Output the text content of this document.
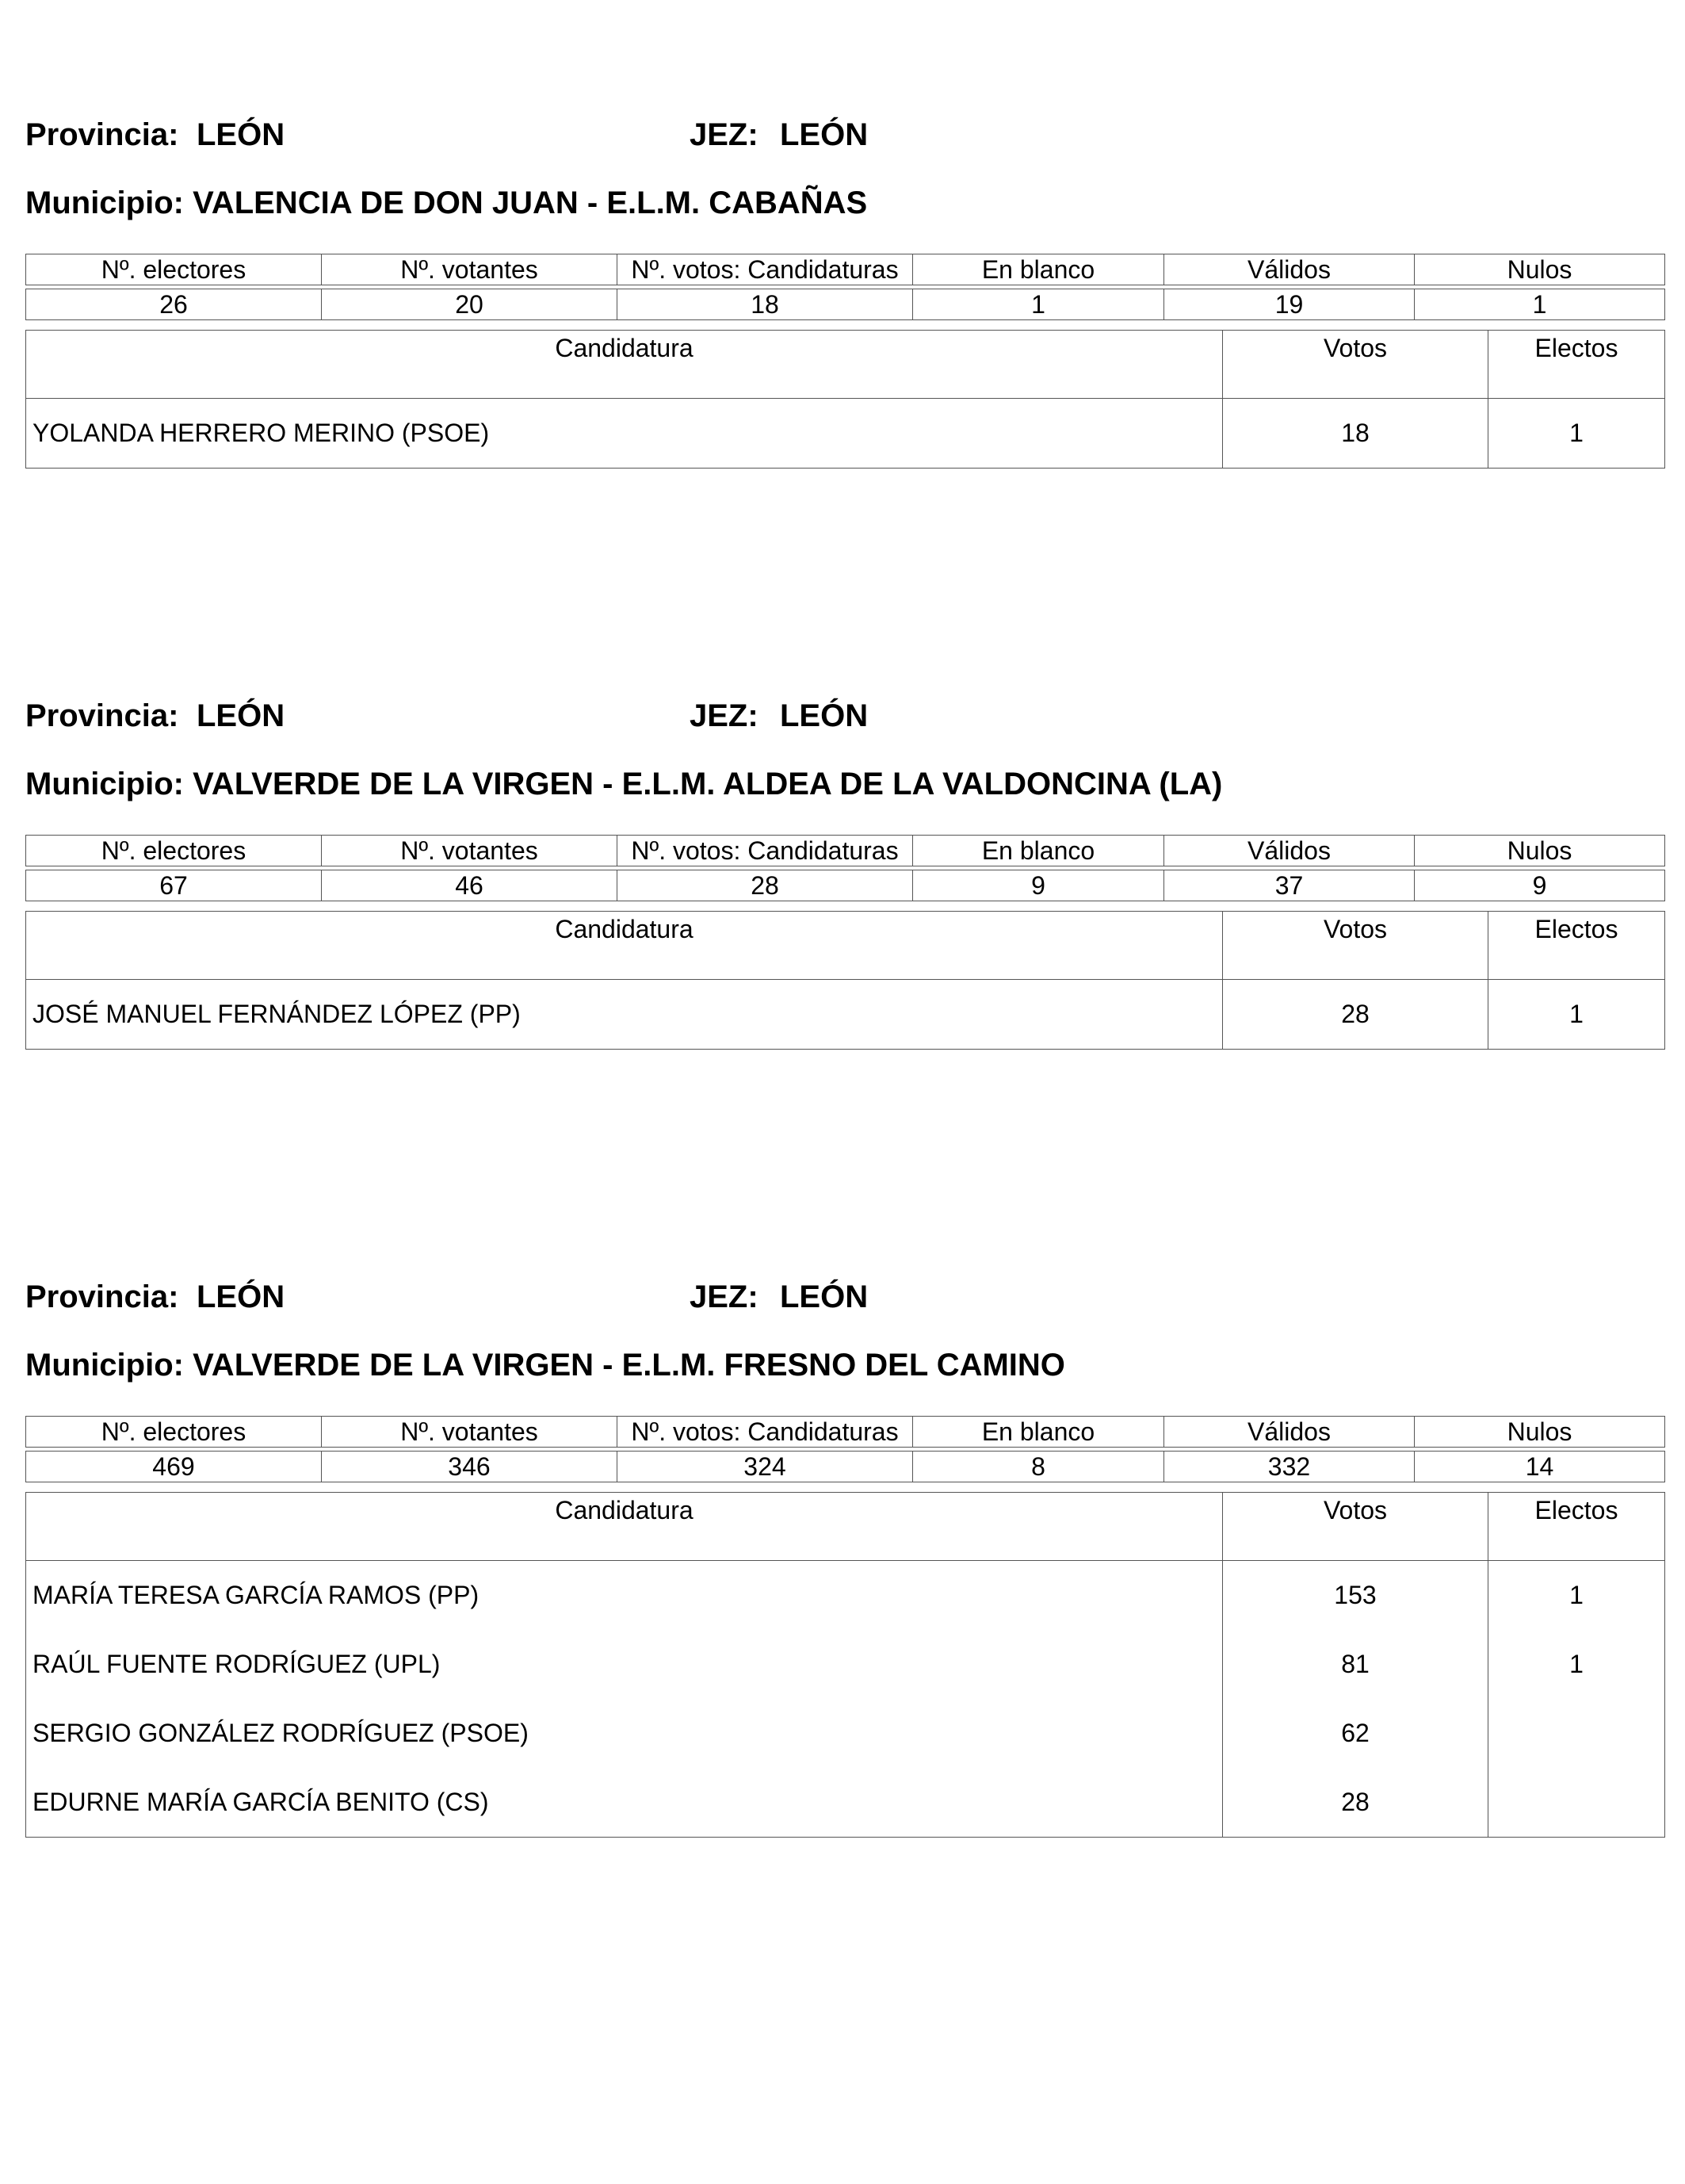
Provincia: LEÓN	JEZ: LEÓN
Municipio: VALENCIA DE DON JUAN - E.L.M. CABAÑAS
Nº. electores	Nº. votantes	Nº. votos: Candidaturas	En blanco	Válidos	Nulos

26	20	18	1	19	1
Candidatura	Votos	Electos
YOLANDA HERRERO MERINO (PSOE)	18	1
Provincia: LEÓN	JEZ: LEÓN
Municipio: VALVERDE DE LA VIRGEN - E.L.M. ALDEA DE LA VALDONCINA (LA)
Nº. electores	Nº. votantes	Nº. votos: Candidaturas	En blanco	Válidos	Nulos

67	46	28	9	37	9
Candidatura	Votos	Electos
JOSÉ MANUEL FERNÁNDEZ LÓPEZ (PP)	28	1
Provincia: LEÓN	JEZ: LEÓN
Municipio: VALVERDE DE LA VIRGEN - E.L.M. FRESNO DEL CAMINO
Nº. electores	Nº. votantes	Nº. votos: Candidaturas	En blanco	Válidos	Nulos

469	346	324	8	332	14
Candidatura	Votos	Electos
MARÍA TERESA GARCÍA RAMOS (PP)	153	1
RAÚL FUENTE RODRÍGUEZ (UPL)	81	1
SERGIO GONZÁLEZ RODRÍGUEZ (PSOE)	62	
EDURNE MARÍA GARCÍA BENITO (CS)	28	
